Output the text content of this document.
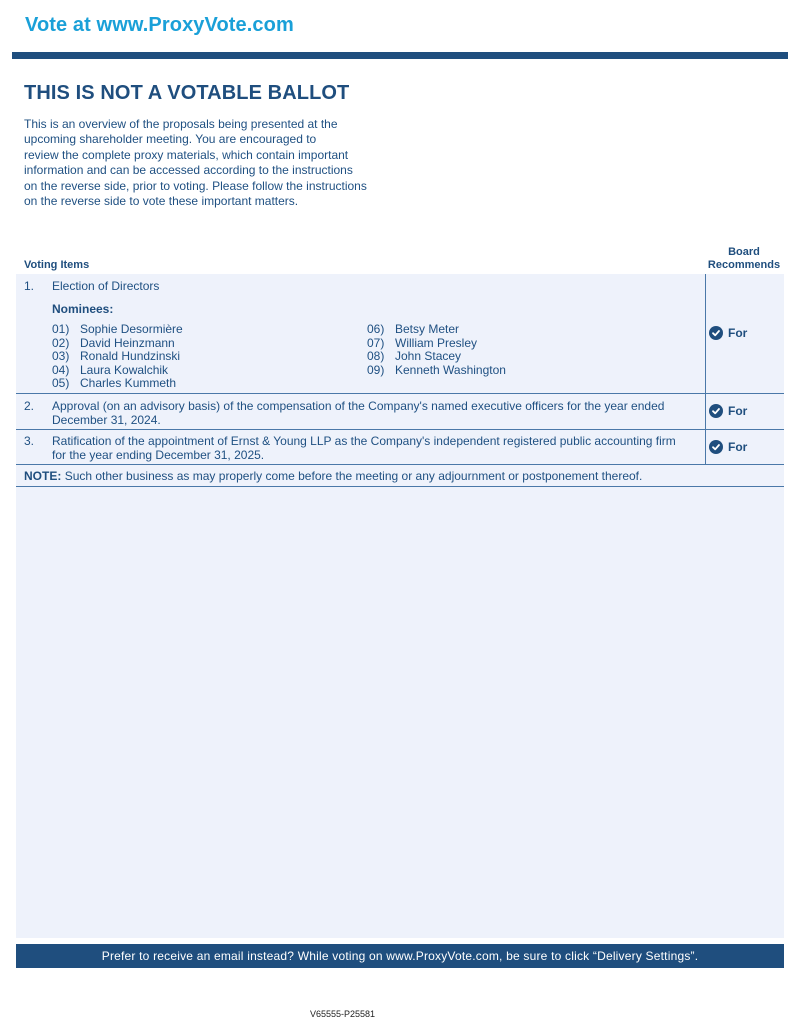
Vote at www.ProxyVote.com
THIS IS NOT A VOTABLE BALLOT
This is an overview of the proposals being presented at the
upcoming shareholder meeting. You are encouraged to
review the complete proxy materials, which contain important
information and can be accessed according to the instructions
on the reverse side, prior to voting. Please follow the instructions
on the reverse side to vote these important matters.
Voting Items
Board
Recommends
1. Election of Directors
Nominees:
01) Sophie Desormière
02) David Heinzmann
03) Ronald Hundzinski
04) Laura Kowalchik
05) Charles Kummeth
06) Betsy Meter
07) William Presley
08) John Stacey
09) Kenneth Washington
For
2. Approval (on an advisory basis) of the compensation of the Company's named executive officers for the year ended
December 31, 2024.
For
3. Ratification of the appointment of Ernst & Young LLP as the Company's independent registered public accounting firm
for the year ending December 31, 2025.
For
NOTE: Such other business as may properly come before the meeting or any adjournment or postponement thereof.
Prefer to receive an email instead? While voting on www.ProxyVote.com, be sure to click “Delivery Settings”.
V65555-P25581
